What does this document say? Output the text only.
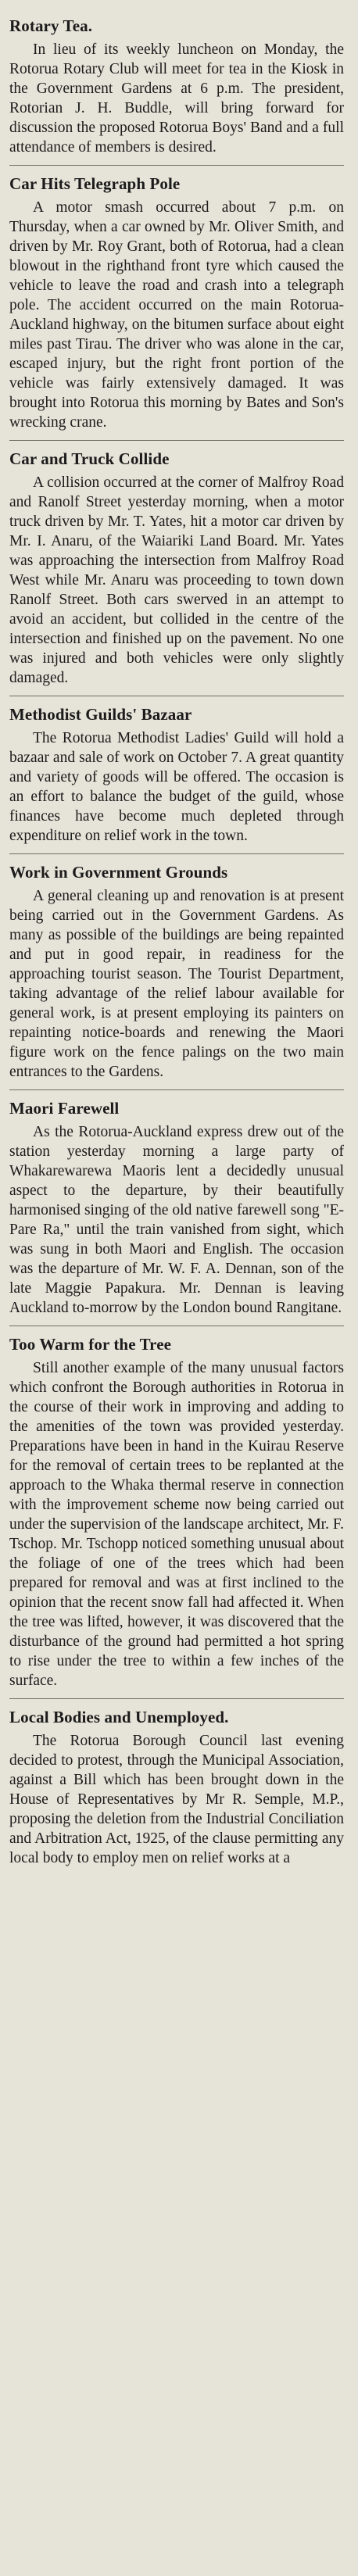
Rotary Tea.

In lieu of its weekly luncheon on Monday, the Rotorua Rotary Club will meet for tea in the Kiosk in the Government Gardens at 6 p.m. The president, Rotorian J. H. Buddle, will bring forward for discussion the proposed Rotorua Boys' Band and a full attendance of members is desired.

Car Hits Telegraph Pole

A motor smash occurred about 7 p.m. on Thursday, when a car owned by Mr. Oliver Smith, and driven by Mr. Roy Grant, both of Rotorua, had a clean blowout in the righthand front tyre which caused the vehicle to leave the road and crash into a telegraph pole. The accident occurred on the main Rotorua-Auckland highway, on the bitumen surface about eight miles past Tirau. The driver who was alone in the car, escaped injury, but the right front portion of the vehicle was fairly extensively damaged. It was brought into Rotorua this morning by Bates and Son's wrecking crane.

Car and Truck Collide

A collision occurred at the corner of Malfroy Road and Ranolf Street yesterday morning, when a motor truck driven by Mr. T. Yates, hit a motor car driven by Mr. I. Anaru, of the Waiariki Land Board. Mr. Yates was approaching the intersection from Malfroy Road West while Mr. Anaru was proceeding to town down Ranolf Street. Both cars swerved in an attempt to avoid an accident, but collided in the centre of the intersection and finished up on the pavement. No one was injured and both vehicles were only slightly damaged.

Methodist Guilds' Bazaar

The Rotorua Methodist Ladies' Guild will hold a bazaar and sale of work on October 7. A great quantity and variety of goods will be offered. The occasion is an effort to balance the budget of the guild, whose finances have become much depleted through expenditure on relief work in the town.

Work in Government Grounds

A general cleaning up and renovation is at present being carried out in the Government Gardens. As many as possible of the buildings are being repainted and put in good repair, in readiness for the approaching tourist season. The Tourist Department, taking advantage of the relief labour available for general work, is at present employing its painters on repainting notice-boards and renewing the Maori figure work on the fence palings on the two main entrances to the Gardens.

Maori Farewell

As the Rotorua-Auckland express drew out of the station yesterday morning a large party of Whakarewarewa Maoris lent a decidedly unusual aspect to the departure, by their beautifully harmonised singing of the old native farewell song "E-Pare Ra," until the train vanished from sight, which was sung in both Maori and English. The occasion was the departure of Mr. W. F. A. Dennan, son of the late Maggie Papakura. Mr. Dennan is leaving Auckland to-morrow by the London bound Rangitane.

Too Warm for the Tree

Still another example of the many unusual factors which confront the Borough authorities in Rotorua in the course of their work in improving and adding to the amenities of the town was provided yesterday. Preparations have been in hand in the Kuirau Reserve for the removal of certain trees to be replanted at the approach to the Whaka thermal reserve in connection with the improvement scheme now being carried out under the supervision of the landscape architect, Mr. F. Tschop. Mr. Tschopp noticed something unusual about the foliage of one of the trees which had been prepared for removal and was at first inclined to the opinion that the recent snow fall had affected it. When the tree was lifted, however, it was discovered that the disturbance of the ground had permitted a hot spring to rise under the tree to within a few inches of the surface.

Local Bodies and Unemployed.

The Rotorua Borough Council last evening decided to protest, through the Municipal Association, against a Bill which has been brought down in the House of Representatives by Mr R. Semple, M.P., proposing the deletion from the Industrial Conciliation and Arbitration Act, 1925, of the clause permitting any local body to employ men on relief works at a
